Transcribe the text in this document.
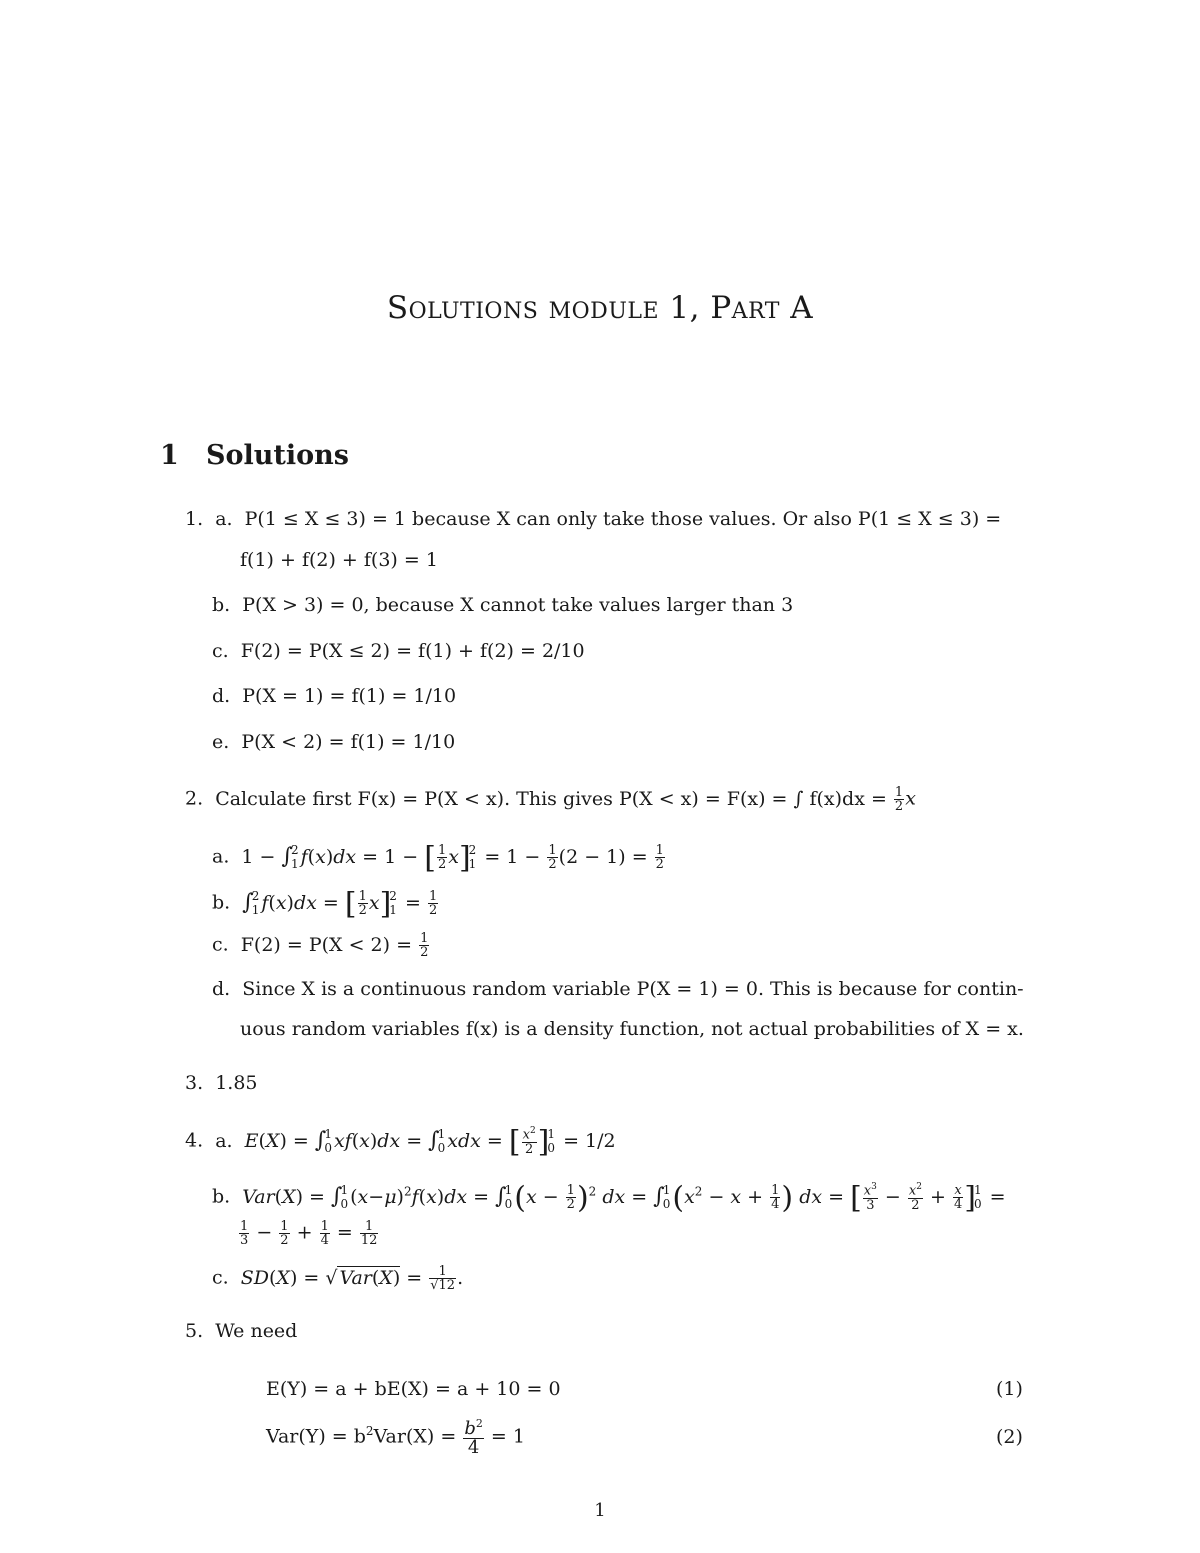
Solutions module 1, Part A
1 Solutions
1. a. P(1 ≤ X ≤ 3) = 1 because X can only take those values. Or also P(1 ≤ X ≤ 3) =
f(1) + f(2) + f(3) = 1
b. P(X > 3) = 0, because X cannot take values larger than 3
c. F(2) = P(X ≤ 2) = f(1) + f(2) = 2/10
d. P(X = 1) = f(1) = 1/10
e. P(X < 2) = f(1) = 1/10
2. Calculate first F(x) = P(X < x). This gives P(X < x) = F(x) = ∫ $f(x)dx = \frac{1}{2}$ x
a. 1 − ∫
2
1 f(x)dx = 1 − [ $\frac{1}{2} x$]
2
$1 = 1 - \frac{1}{2} (2 - 1) = \frac{1}{2}$
b. ∫
2
1 f(x)dx = [ $\frac{1}{2} x$]
2
$1 = \frac{1}{2}$
c. $F(2) = P(X < 2) = \frac{1}{2}$
d. Since X is a continuous random variable P(X = 1) = 0. This is because for contin-
uous random variables f(x) is a density function, not actual probabilities of X = x.
3. 1.85
4. a. E(X) = ∫
1
0 xf(x)dx = ∫
1
0 xdx = [ $\frac{x^2}{2}$ ]
1
0 = 1/2
b. Var(X) = ∫
1
0 $(x-\mu)^2f(x)dx$ = ∫
1
0 $(x - \frac{1}{2} )^2$ dx = ∫
1
0 ($x^2 - x + \frac{1}{4}$ ) dx = [ $\frac{x^3}{3} - \frac{x^2}{2} + \frac{x}{4}$ ]
1
0 =
$\frac{1}{3} - \frac{1}{2} + \frac{1}{4} = \frac{1}{12}$
c. SD(X) = √ $Var(X) = \frac{1}{√12}$ .
5. We need
E(Y) = a + bE(X) = a + 10 = 0	(1)
$Var(Y) = b^2Var(X) = \frac{b^2}{4} = 1$	(2)
1
